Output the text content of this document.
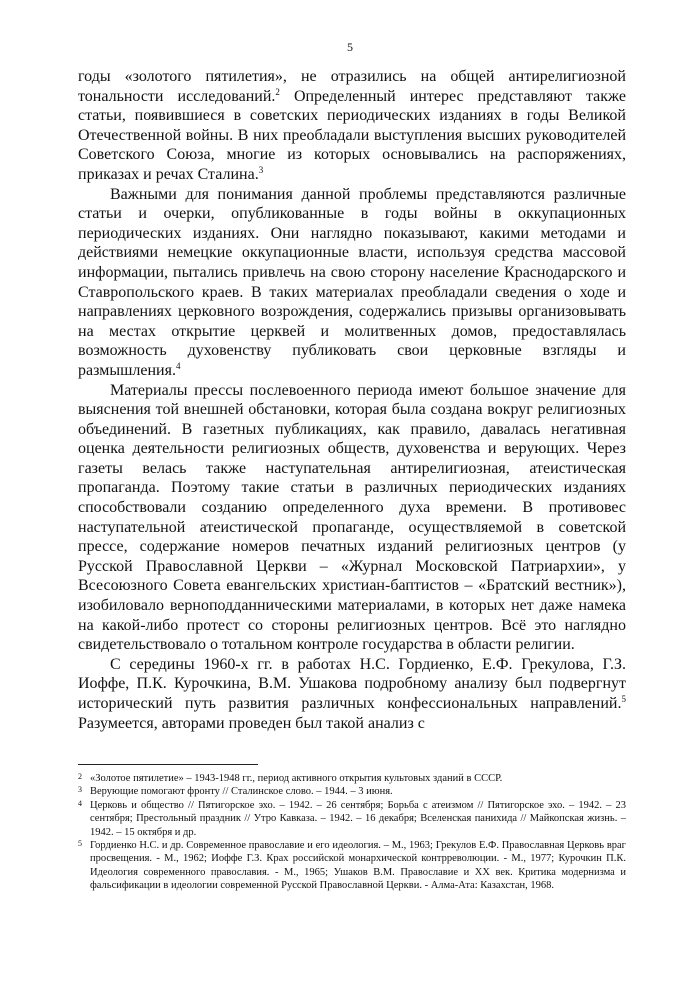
5

годы «золотого пятилетия», не отразились на общей антирелигиозной тональности исследований.$^2$ Определенный интерес представляют также статьи, появившиеся в советских периодических изданиях в годы Великой Отечественной войны. В них преобладали выступления высших руководителей Советского Союза, многие из которых основывались на распоряжениях, приказах и речах Сталина.$^3$

Важными для понимания данной проблемы представляются различные статьи и очерки, опубликованные в годы войны в оккупационных периодических изданиях. Они наглядно показывают, какими методами и действиями немецкие оккупационные власти, используя средства массовой информации, пытались привлечь на свою сторону население Краснодарского и Ставропольского краев. В таких материалах преобладали сведения о ходе и направлениях церковного возрождения, содержались призывы организовывать на местах открытие церквей и молитвенных домов, предоставлялась возможность духовенству публиковать свои церковные взгляды и размышления.$^4$

Материалы прессы послевоенного периода имеют большое значение для выяснения той внешней обстановки, которая была создана вокруг религиозных объединений. В газетных публикациях, как правило, давалась негативная оценка деятельности религиозных обществ, духовенства и верующих. Через газеты велась также наступательная антирелигиозная, атеистическая пропаганда. Поэтому такие статьи в различных периодических изданиях способствовали созданию определенного духа времени. В противовес наступательной атеистической пропаганде, осуществляемой в советской прессе, содержание номеров печатных изданий религиозных центров (у Русской Православной Церкви – «Журнал Московской Патриархии», у Всесоюзного Совета евангельских христиан-баптистов – «Братский вестник»), изобиловало верноподданническими материалами, в которых нет даже намека на какой-либо протест со стороны религиозных центров. Всё это наглядно свидетельствовало о тотальном контроле государства в области религии.

С середины 1960-х гг. в работах Н.С. Гордиенко, Е.Ф. Грекулова, Г.З. Иоффе, П.К. Курочкина, В.М. Ушакова подробному анализу был подвергнут исторический путь развития различных конфессиональных направлений.$^5$ Разумеется, авторами проведен был такой анализ с

2 «Золотое пятилетие» – 1943-1948 гг., период активного открытия культовых зданий в СССР.
3 Верующие помогают фронту // Сталинское слово. – 1944. – 3 июня.
4 Церковь и общество // Пятигорское эхо. – 1942. – 26 сентября; Борьба с атеизмом // Пятигорское эхо. – 1942. – 23 сентября; Престольный праздник // Утро Кавказа. – 1942. – 16 декабря; Вселенская панихида // Майкопская жизнь. – 1942. – 15 октября и др.
5 Гордиенко Н.С. и др. Современное православие и его идеология. – М., 1963; Грекулов Е.Ф. Православная Церковь враг просвещения. - М., 1962; Иоффе Г.З. Крах российской монархической контрреволюции. - М., 1977; Курочкин П.К. Идеология современного православия. - М., 1965; Ушаков В.М. Православие и XX век. Критика модернизма и фальсификации в идеологии современной Русской Православной Церкви. - Алма-Ата: Казахстан, 1968.
